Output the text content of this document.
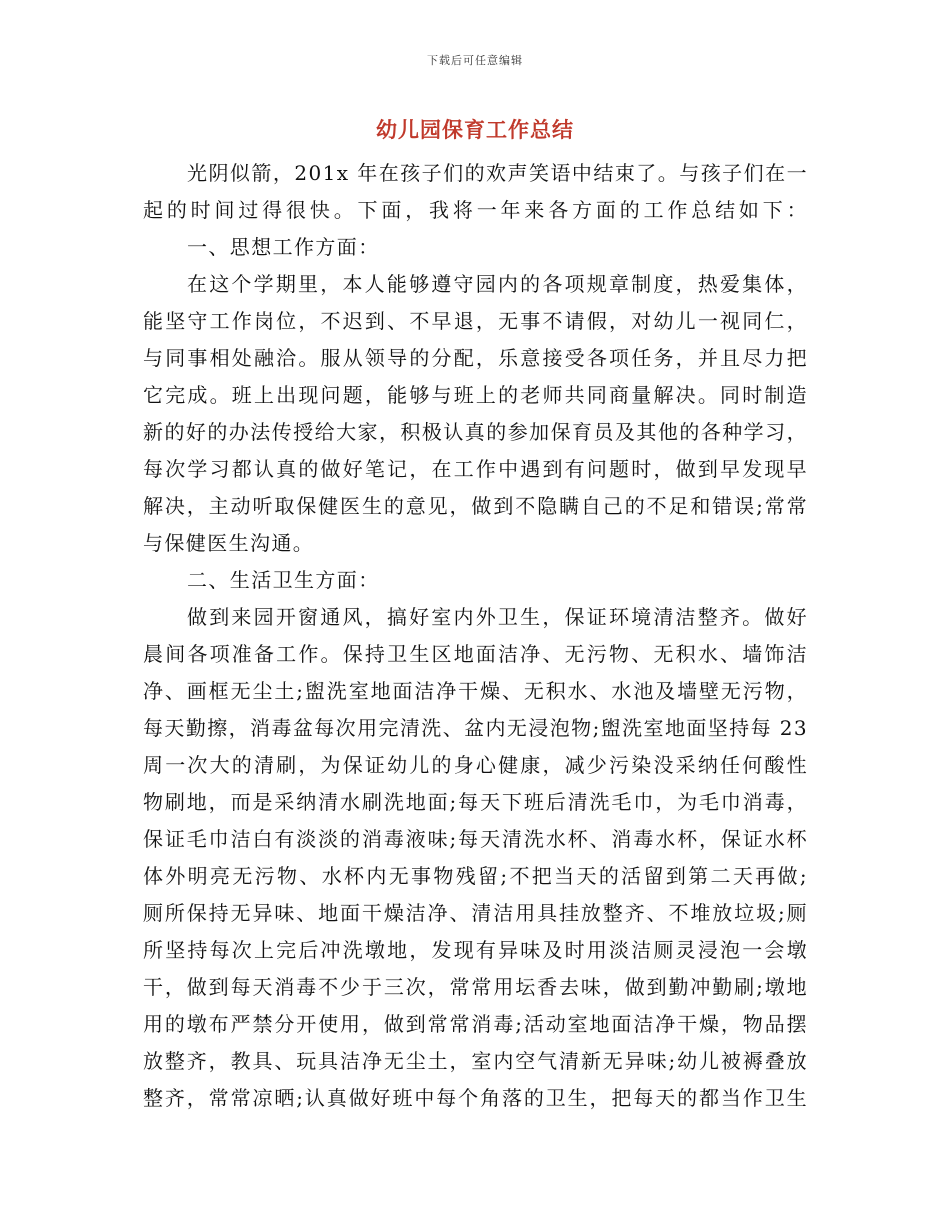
下载后可任意编辑
幼儿园保育工作总结
光阴似箭，201x 年在孩子们的欢声笑语中结束了。与孩子们在一
起的时间过得很快。下面，我将一年来各方面的工作总结如下：
一、思想工作方面：
在这个学期里，本人能够遵守园内的各项规章制度，热爱集体，
能坚守工作岗位，不迟到、不早退，无事不请假，对幼儿一视同仁，
与同事相处融洽。服从领导的分配，乐意接受各项任务，并且尽力把
它完成。班上出现问题，能够与班上的老师共同商量解决。同时制造
新的好的办法传授给大家，积极认真的参加保育员及其他的各种学习，
每次学习都认真的做好笔记，在工作中遇到有问题时，做到早发现早
解决，主动听取保健医生的意见，做到不隐瞒自己的不足和错误;常常
与保健医生沟通。
二、生活卫生方面：
做到来园开窗通风，搞好室内外卫生，保证环境清洁整齐。做好
晨间各项准备工作。保持卫生区地面洁净、无污物、无积水、墙饰洁
净、画框无尘土;盥洗室地面洁净干燥、无积水、水池及墙壁无污物，
每天勤擦，消毒盆每次用完清洗、盆内无浸泡物;盥洗室地面坚持每 23
周一次大的清刷，为保证幼儿的身心健康，减少污染没采纳任何酸性
物刷地，而是采纳清水刷洗地面;每天下班后清洗毛巾，为毛巾消毒，
保证毛巾洁白有淡淡的消毒液味;每天清洗水杯、消毒水杯，保证水杯
体外明亮无污物、水杯内无事物残留;不把当天的活留到第二天再做;
厕所保持无异味、地面干燥洁净、清洁用具挂放整齐、不堆放垃圾;厕
所坚持每次上完后冲洗墩地，发现有异味及时用淡洁厕灵浸泡一会墩
干，做到每天消毒不少于三次，常常用坛香去味，做到勤冲勤刷;墩地
用的墩布严禁分开使用，做到常常消毒;活动室地面洁净干燥，物品摆
放整齐，教具、玩具洁净无尘土，室内空气清新无异味;幼儿被褥叠放
整齐，常常凉晒;认真做好班中每个角落的卫生，把每天的都当作卫生
